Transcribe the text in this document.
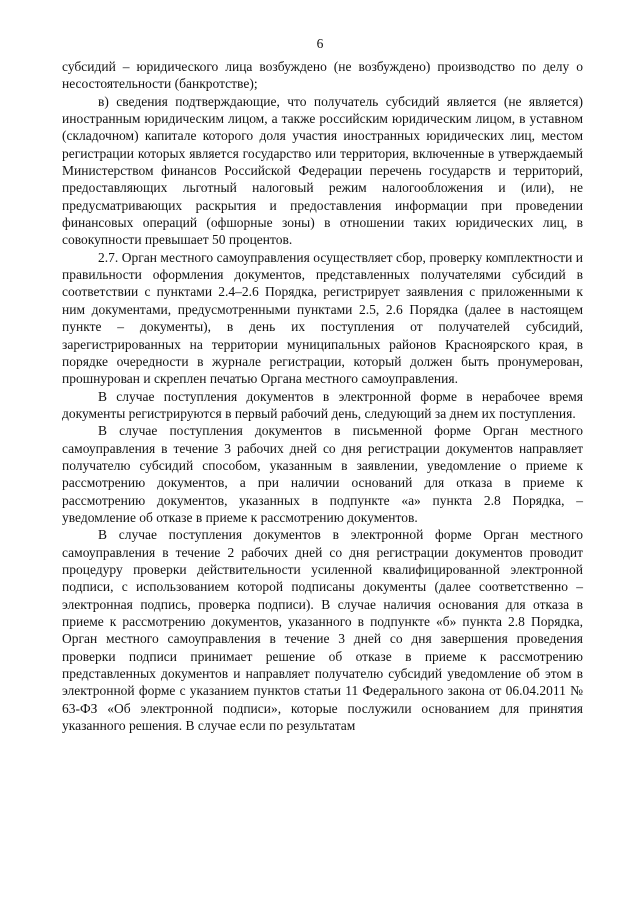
6

субсидий – юридического лица возбуждено (не возбуждено) производство по делу о несостоятельности (банкротстве);

в) сведения подтверждающие, что получатель субсидий является (не является) иностранным юридическим лицом, а также российским юридическим лицом, в уставном (складочном) капитале которого доля участия иностранных юридических лиц, местом регистрации которых является государство или территория, включенные в утверждаемый Министерством финансов Российской Федерации перечень государств и территорий, предоставляющих льготный налоговый режим налогообложения и (или), не предусматривающих раскрытия и предоставления информации при проведении финансовых операций (офшорные зоны) в отношении таких юридических лиц, в совокупности превышает 50 процентов.

2.7. Орган местного самоуправления осуществляет сбор, проверку комплектности и правильности оформления документов, представленных получателями субсидий в соответствии с пунктами 2.4–2.6 Порядка, регистрирует заявления с приложенными к ним документами, предусмотренными пунктами 2.5, 2.6 Порядка (далее в настоящем пункте – документы), в день их поступления от получателей субсидий, зарегистрированных на территории муниципальных районов Красноярского края, в порядке очередности в журнале регистрации, который должен быть пронумерован, прошнурован и скреплен печатью Органа местного самоуправления.

В случае поступления документов в электронной форме в нерабочее время документы регистрируются в первый рабочий день, следующий за днем их поступления.

В случае поступления документов в письменной форме Орган местного самоуправления в течение 3 рабочих дней со дня регистрации документов направляет получателю субсидий способом, указанным в заявлении, уведомление о приеме к рассмотрению документов, а при наличии оснований для отказа в приеме к рассмотрению документов, указанных в подпункте «а» пункта 2.8 Порядка, – уведомление об отказе в приеме к рассмотрению документов.

В случае поступления документов в электронной форме Орган местного самоуправления в течение 2 рабочих дней со дня регистрации документов проводит процедуру проверки действительности усиленной квалифицированной электронной подписи, с использованием которой подписаны документы (далее соответственно – электронная подпись, проверка подписи). В случае наличия основания для отказа в приеме к рассмотрению документов, указанного в подпункте «б» пункта 2.8 Порядка, Орган местного самоуправления в течение 3 дней со дня завершения проведения проверки подписи принимает решение об отказе в приеме к рассмотрению представленных документов и направляет получателю субсидий уведомление об этом в электронной форме с указанием пунктов статьи 11 Федерального закона от 06.04.2011 № 63-ФЗ «Об электронной подписи», которые послужили основанием для принятия указанного решения. В случае если по результатам
